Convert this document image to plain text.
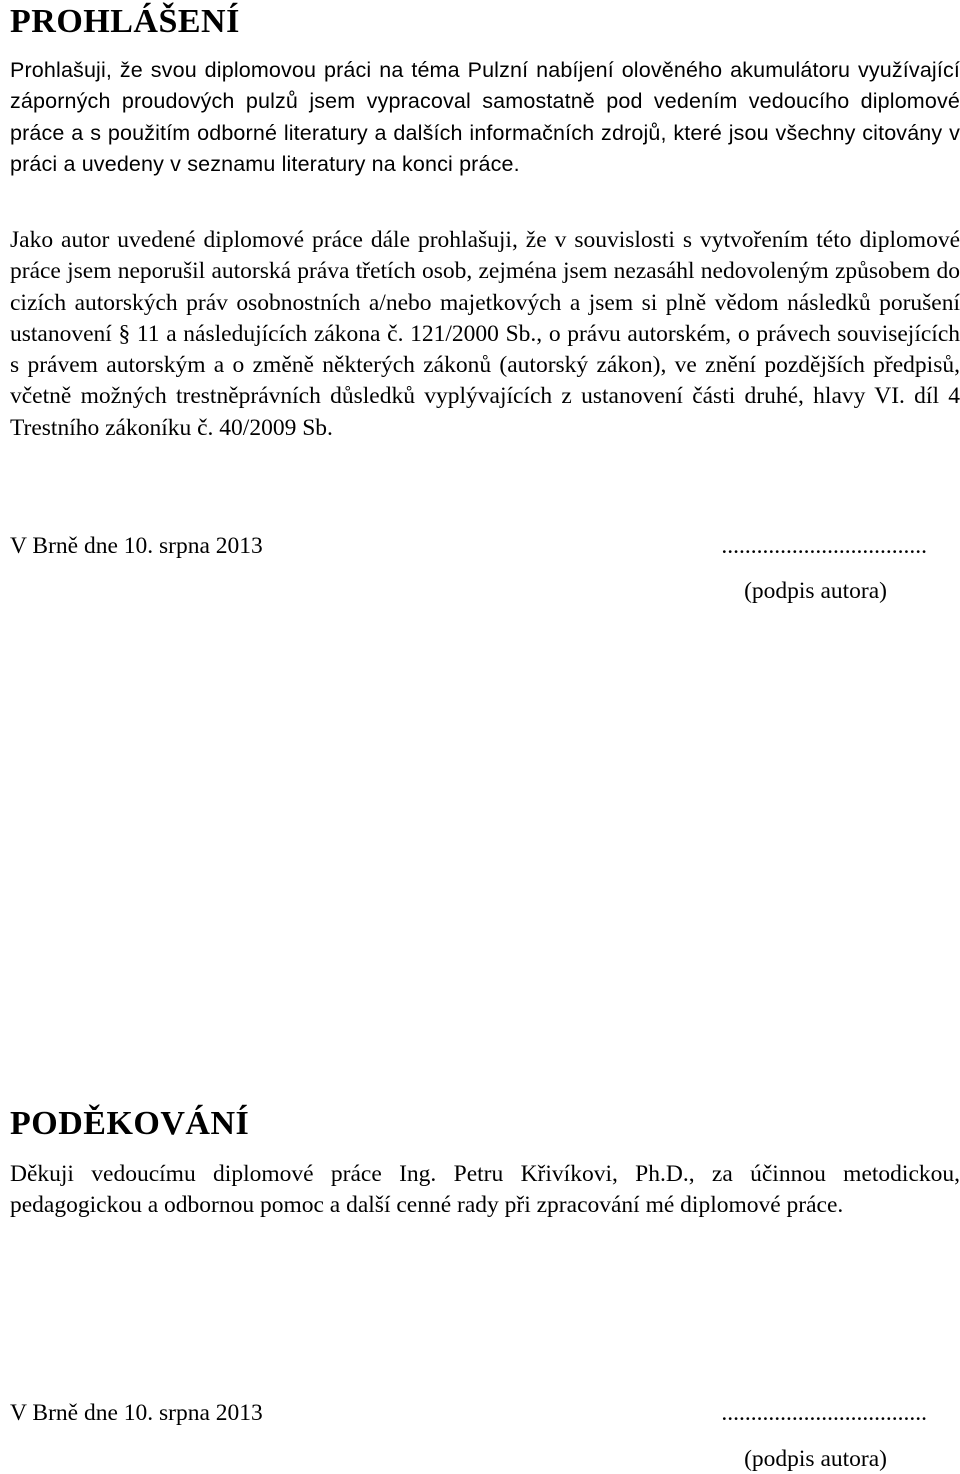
PROHLÁŠENÍ

Prohlašuji, že svou diplomovou práci na téma Pulzní nabíjení olověného akumulátoru využívající záporných proudových pulzů jsem vypracoval samostatně pod vedením vedoucího diplomové práce a s použitím odborné literatury a dalších informačních zdrojů, které jsou všechny citovány v práci a uvedeny v seznamu literatury na konci práce.

Jako autor uvedené diplomové práce dále prohlašuji, že v souvislosti s vytvořením této diplomové práce jsem neporušil autorská práva třetích osob, zejména jsem nezasáhl nedovoleným způsobem do cizích autorských práv osobnostních a/nebo majetkových a jsem si plně vědom následků porušení ustanovení § 11 a následujících zákona č. 121/2000 Sb., o právu autorském, o právech souvisejících s právem autorským a o změně některých zákonů (autorský zákon), ve znění pozdějších předpisů, včetně možných trestněprávních důsledků vyplývajících z ustanovení části druhé, hlavy VI. díl 4 Trestního zákoníku č. 40/2009 Sb.

V Brně dne 10. srpna 2013	...................................
(podpis autora)
PODĚKOVÁNÍ

Děkuji vedoucímu diplomové práce Ing. Petru Křivíkovi, Ph.D., za účinnou metodickou, pedagogickou a odbornou pomoc a další cenné rady při zpracování mé diplomové práce.

V Brně dne 10. srpna 2013	...................................
(podpis autora)
